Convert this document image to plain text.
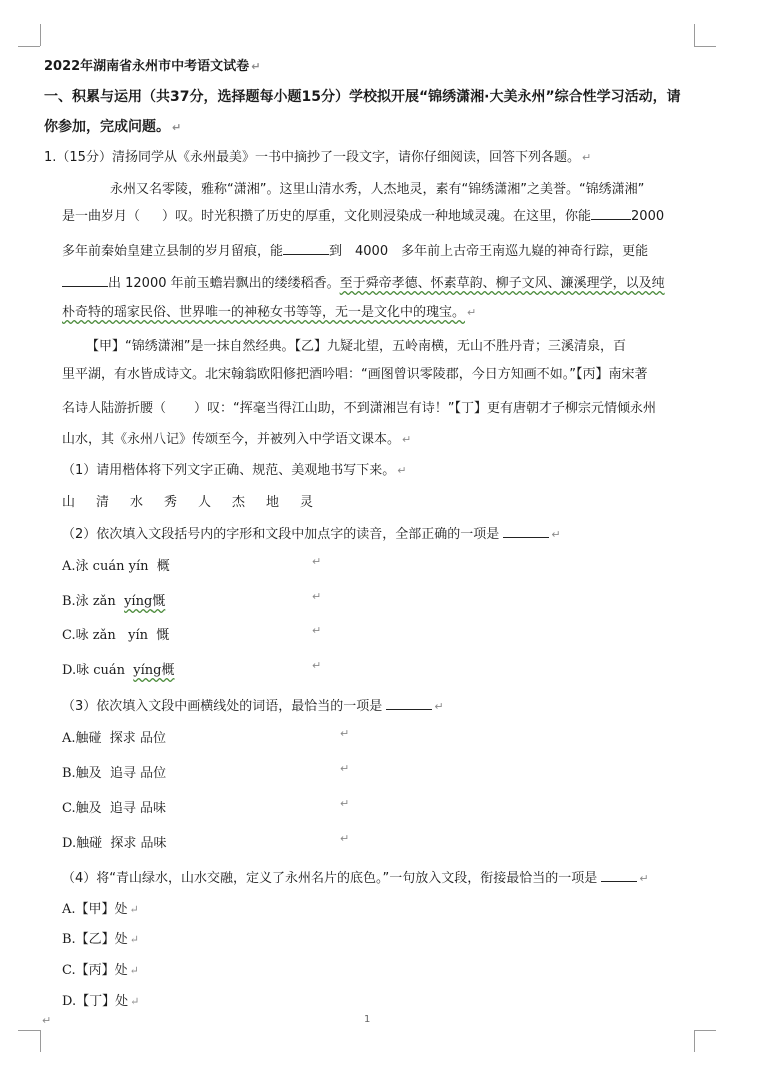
2022年湖南省永州市中考语文试卷 ↵
一、积累与运用（共37分，选择题每小题15分）学校拟开展“锦绣潇湘·大美永州”综合性学习活动，请
你参加，完成问题。 ↵
1.（15分）清扬同学从《永州最美》一书中摘抄了一段文字，请你仔细阅读，回答下列各题。 ↵
永州又名零陵，雅称“潇湘”。这里山清水秀，人杰地灵，素有“锦绣潇湘”之美誉。“锦绣潇湘”
是一曲岁月（ ）叹。时光积攒了历史的厚重，文化则浸染成一种地域灵魂。在这里，你能	2000
多年前秦始皇建立县制的岁月留痕，能	到　4000　多年前上古帝王南巡九嶷的神奇行踪，更能
出 12000 年前玉蟾岩飘出的缕缕稻香。至于舜帝孝德、怀素草韵、柳子文风、濂溪理学，以及纯
朴奇特的瑶家民俗、世界唯一的神秘女书等等，无一是文化中的瑰宝。 ↵
【甲】“锦绣潇湘”是一抹自然经典。【乙】九疑北望，五岭南横，无山不胜丹青；三溪清泉，百
里平湖，有水皆成诗文。北宋翰翁欧阳修把酒吟唱：“画图曾识零陵郡，今日方知画不如。”【丙】南宋著
名诗人陆游折腰（ ）叹：“挥毫当得江山助，不到潇湘岂有诗！”【丁】更有唐朝才子柳宗元情倾永州
山水，其《永州八记》传颂至今，并被列入中学语文课本。 ↵
（1）请用楷体将下列文字正确、规范、美观地书写下来。 ↵
山 清 水 秀 人 杰 地 灵
（2）依次填入文段括号内的字形和文段中加点字的读音，全部正确的一项是	↵
A.泳 cuán yín 概	↵
B.泳 zǎn yíng慨	↵
C.咏 zǎn yín 慨	↵
D.咏 cuán yíng概	↵
（3）依次填入文段中画横线处的词语，最恰当的一项是	↵
A.触碰 探求 品位	↵
B.触及 追寻 品位	↵
C.触及 追寻 品味	↵
D.触碰 探求 品味	↵
（4）将“青山绿水，山水交融，定义了永州名片的底色。”一句放入文段，衔接最恰当的一项是	↵
A.【甲】处 ↵
B.【乙】处 ↵
C.【丙】处 ↵
D.【丁】处 ↵
↵	1
